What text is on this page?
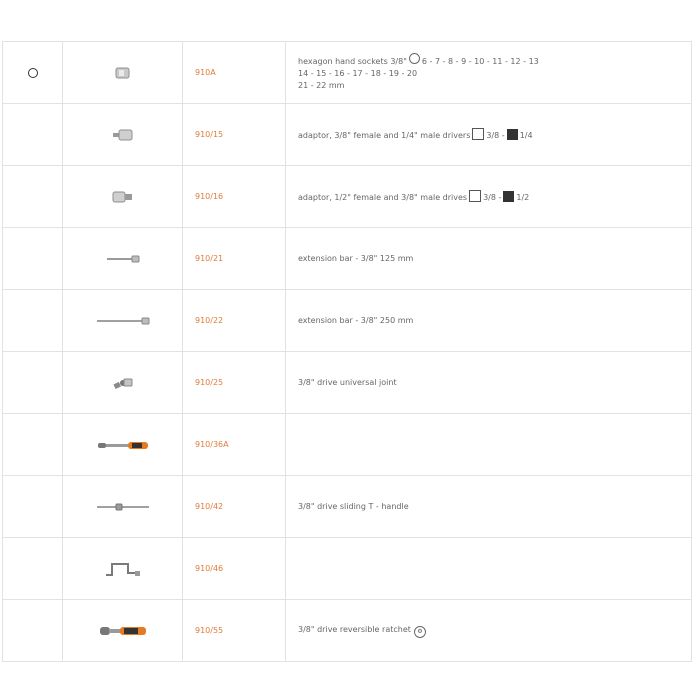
	910A	hexagon hand sockets 3/8" 6 - 7 - 8 - 9 - 10 - 11 - 12 - 13
14 - 15 - 16 - 17 - 18 - 19 - 20
21 - 22 mm

	910/15	adaptor, 3/8" female and 1/4" male drivers 3/8 - 1/4

	910/16	adaptor, 1/2" female and 3/8" male drives 3/8 - 1/2

	910/21	extension bar - 3/8" 125 mm

	910/22	extension bar - 3/8" 250 mm

	910/25	3/8" drive universal joint

	910/36A	

	910/42	3/8" drive sliding T - handle

	910/46	

	910/55	3/8" drive reversible ratchet ⚙
